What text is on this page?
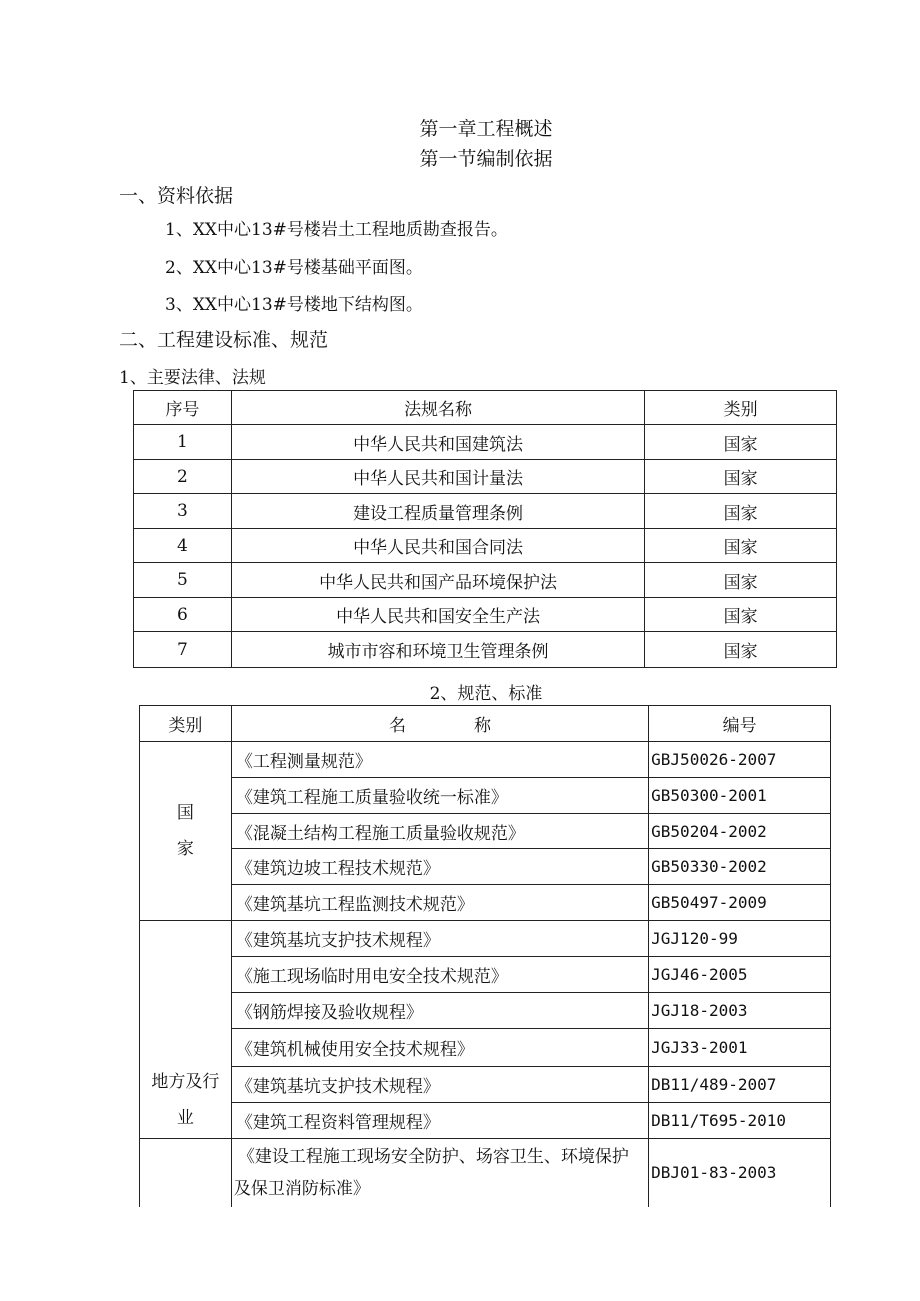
第一章工程概述
第一节编制依据
一、资料依据
1、XX中心13#号楼岩土工程地质勘查报告。
2、XX中心13#号楼基础平面图。
3、XX中心13#号楼地下结构图。
二、工程建设标准、规范
1、主要法律、法规
序号	法规名称	类别
1	中华人民共和国建筑法	国家
2	中华人民共和国计量法	国家
3	建设工程质量管理条例	国家
4	中华人民共和国合同法	国家
5	中华人民共和国产品环境保护法	国家
6	中华人民共和国安全生产法	国家
7	城市市容和环境卫生管理条例	国家
2、规范、标准
类别	名　　　　称	编号
国
家	《工程测量规范》	GBJ50026-2007
	《建筑工程施工质量验收统一标准》	GB50300-2001
	《混凝土结构工程施工质量验收规范》	GB50204-2002
	《建筑边坡工程技术规范》	GB50330-2002
	《建筑基坑工程监测技术规范》	GB50497-2009
地方及行
业	《建筑基坑支护技术规程》	JGJ120-99
	《施工现场临时用电安全技术规范》	JGJ46-2005
	《钢筋焊接及验收规程》	JGJ18-2003
	《建筑机械使用安全技术规程》	JGJ33-2001
	《建筑基坑支护技术规程》	DB11/489-2007
	《建筑工程资料管理规程》	DB11/T695-2010
	《建设工程施工现场安全防护、场容卫生、环境保护及保卫消防标准》	DBJ01-83-2003
